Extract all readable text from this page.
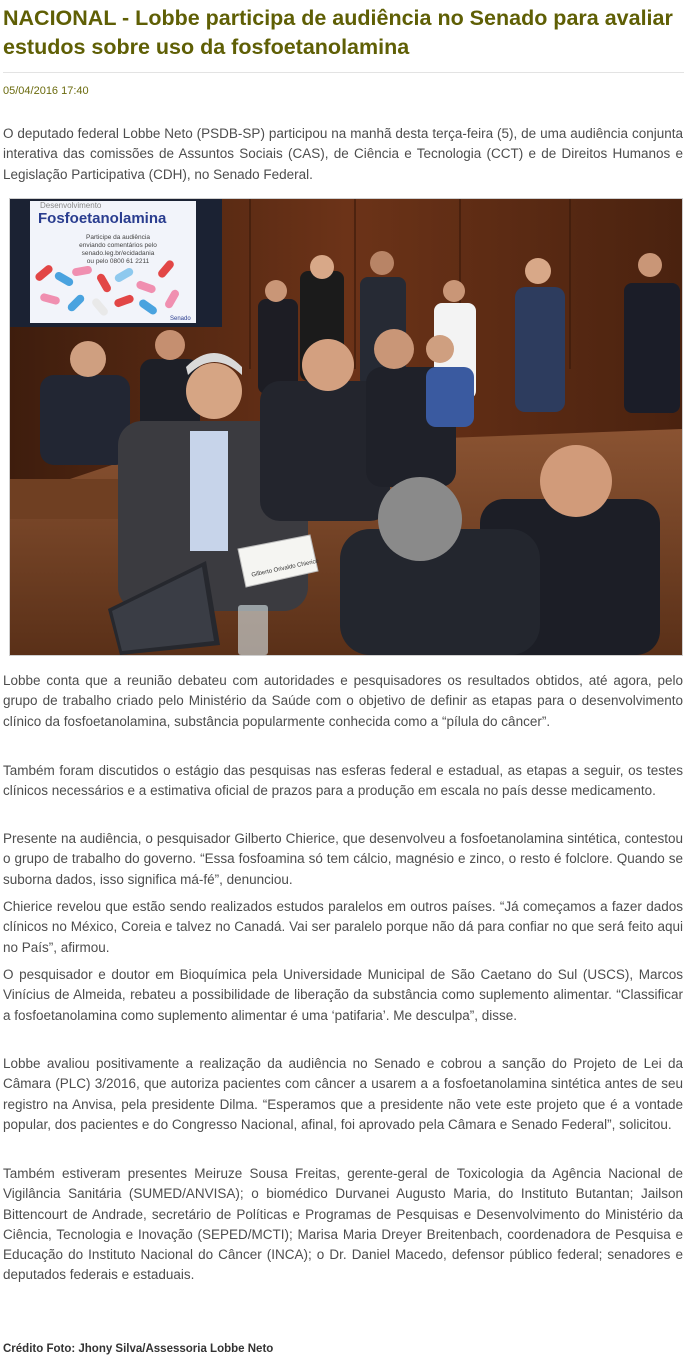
NACIONAL - Lobbe participa de audiência no Senado para avaliar estudos sobre uso da fosfoetanolamina
05/04/2016 17:40

O deputado federal Lobbe Neto (PSDB-SP) participou na manhã desta terça-feira (5), de uma audiência conjunta interativa das comissões de Assuntos Sociais (CAS), de Ciência e Tecnologia (CCT) e de Direitos Humanos e Legislação Participativa (CDH), no Senado Federal.

Desenvolvimento
Fosfoetanolamina
Participe da audiência
enviando comentários pelo
senado.leg.br/ecidadania
ou pelo 0800 61 2211
Senado
Gilberto Orivaldo Chierice

Lobbe conta que a reunião debateu com autoridades e pesquisadores os resultados obtidos, até agora, pelo grupo de trabalho criado pelo Ministério da Saúde com o objetivo de definir as etapas para o desenvolvimento clínico da fosfoetanolamina, substância popularmente conhecida como a “pílula do câncer”.

Também foram discutidos o estágio das pesquisas nas esferas federal e estadual, as etapas a seguir, os testes clínicos necessários e a estimativa oficial de prazos para a produção em escala no país desse medicamento.

Presente na audiência, o pesquisador Gilberto Chierice, que desenvolveu a fosfoetanolamina sintética, contestou o grupo de trabalho do governo. “Essa fosfoamina só tem cálcio, magnésio e zinco, o resto é folclore. Quando se suborna dados, isso significa má-fé”, denunciou.

Chierice revelou que estão sendo realizados estudos paralelos em outros países. “Já começamos a fazer dados clínicos no México, Coreia e talvez no Canadá. Vai ser paralelo porque não dá para confiar no que será feito aqui no País”, afirmou.

O pesquisador e doutor em Bioquímica pela Universidade Municipal de São Caetano do Sul (USCS), Marcos Vinícius de Almeida, rebateu a possibilidade de liberação da substância como suplemento alimentar. “Classificar a fosfoetanolamina como suplemento alimentar é uma ‘patifaria’. Me desculpa”, disse.

Lobbe avaliou positivamente a realização da audiência no Senado e cobrou a sanção do Projeto de Lei da Câmara (PLC) 3/2016, que autoriza pacientes com câncer a usarem a a fosfoetanolamina sintética antes de seu registro na Anvisa, pela presidente Dilma. “Esperamos que a presidente não vete este projeto que é a vontade popular, dos pacientes e do Congresso Nacional, afinal, foi aprovado pela Câmara e Senado Federal”, solicitou.

Também estiveram presentes Meiruze Sousa Freitas, gerente-geral de Toxicologia da Agência Nacional de Vigilância Sanitária (SUMED/ANVISA); o biomédico Durvanei Augusto Maria, do Instituto Butantan; Jailson Bittencourt de Andrade, secretário de Políticas e Programas de Pesquisas e Desenvolvimento do Ministério da Ciência, Tecnologia e Inovação (SEPED/MCTI); Marisa Maria Dreyer Breitenbach, coordenadora de Pesquisa e Educação do Instituto Nacional do Câncer (INCA); o Dr. Daniel Macedo, defensor público federal; senadores e deputados federais e estaduais.

Crédito Foto: Jhony Silva/Assessoria Lobbe Neto
